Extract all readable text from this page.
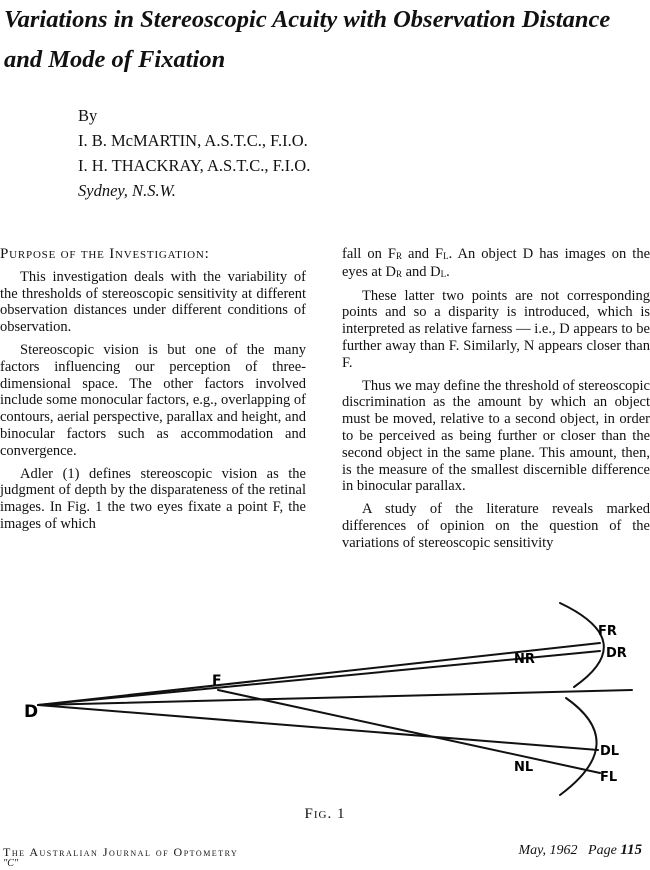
Variations in Stereoscopic Acuity with Observation Distance and Mode of Fixation
By
I. B. McMARTIN, A.S.T.C., F.I.O.
I. H. THACKRAY, A.S.T.C., F.I.O.
Sydney, N.S.W.
Purpose of the Investigation:

This investigation deals with the variability of the thresholds of stereoscopic sensitivity at different observation distances under different conditions of observation.

Stereoscopic vision is but one of the many factors influencing our perception of three-dimensional space. The other factors involved include some monocular factors, e.g., overlapping of contours, aerial perspective, parallax and height, and binocular factors such as accommodation and convergence.

Adler (1) defines stereoscopic vision as the judgment of depth by the disparateness of the retinal images. In Fig. 1 the two eyes fixate a point F, the images of which

fall on $F_R$ and $F_L$. An object D has images on the eyes at $D_R$ and $D_L$.

These latter two points are not corresponding points and so a disparity is introduced, which is interpreted as relative farness — i.e., D appears to be further away than F. Similarly, N appears closer than F.

Thus we may define the threshold of stereoscopic discrimination as the amount by which an object must be moved, relative to a second object, in order to be perceived as being further or closer than the second object in the same plane. This amount, then, is the measure of the smallest discernible difference in binocular parallax.

A study of the literature reveals marked differences of opinion on the question of the variations of stereoscopic sensitivity

D
F
NR
FR
DR
DL
NL
FL
Fig. 1
The Australian Journal of Optometry
"C"
May, 1962 Page 115
